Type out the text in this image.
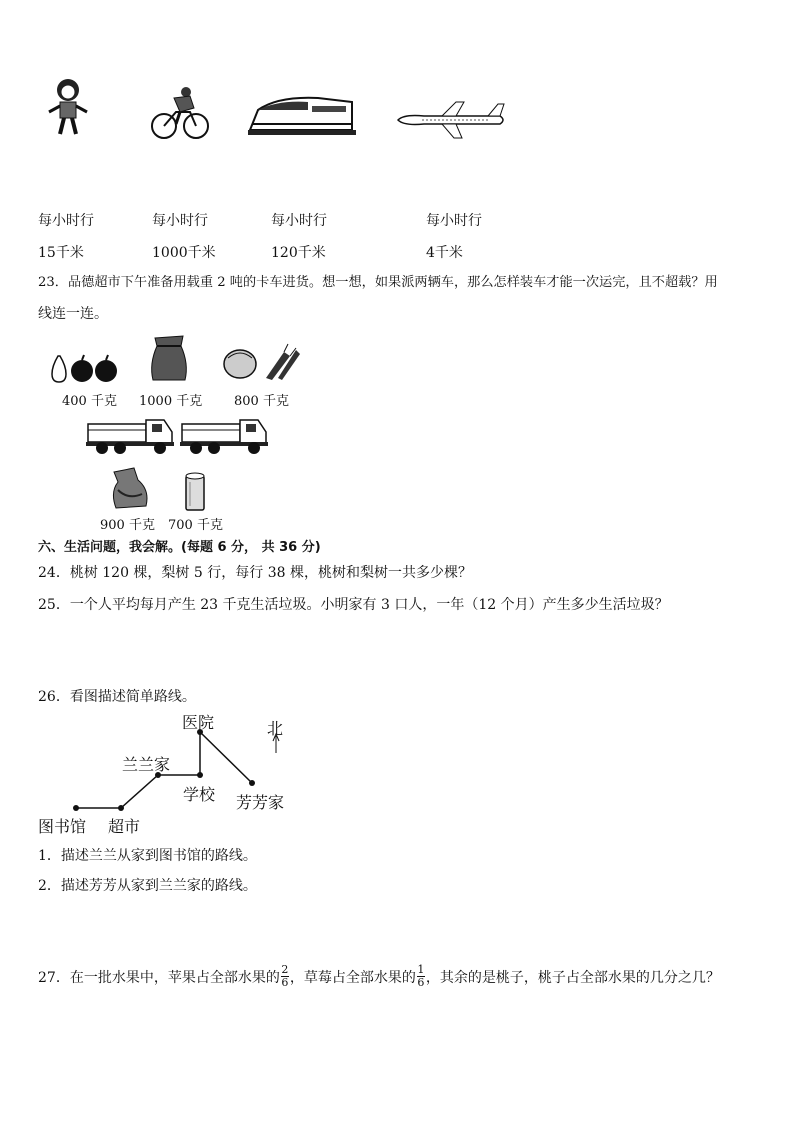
每小时行	每小时行	每小时行	每小时行
15千米	1000千米	120千米	4千米
23．品德超市下午准备用载重 2 吨的卡车进货。想一想，如果派两辆车，那么怎样装车才能一次运完，且不超载？用
线连一连。
400 千克 1000 千克 800 千克
900 千克 700 千克
六、生活问题，我会解。(每题 6 分， 共 36 分)
24．桃树 120 棵，梨树 5 行，每行 38 棵，桃树和梨树一共多少棵？
25．一个人平均每月产生 23 千克生活垃圾。小明家有 3 口人，一年（12 个月）产生多少生活垃圾？
26．看图描述简单路线。
医院	北
兰兰家
学校 芳芳家
图书馆 超市
1．描述兰兰从家到图书馆的路线。
2．描述芳芳从家到兰兰家的路线。
27．在一批水果中，苹果占全部水果的 $\frac{2}{6}$ ，草莓占全部水果的 $\frac{1}{6}$ ，其余的是桃子，桃子占全部水果的几分之几？
